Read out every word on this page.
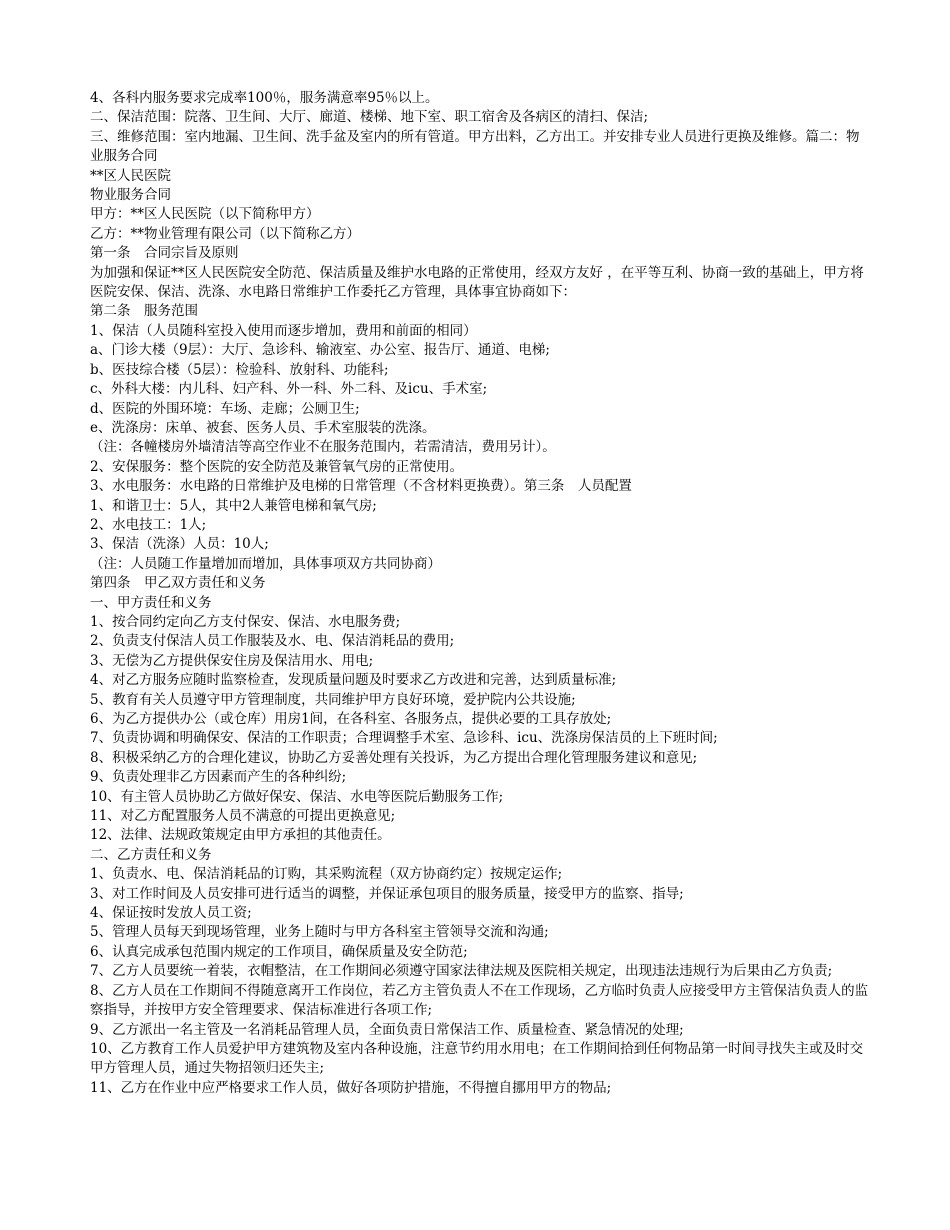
4、各科内服务要求完成率100％，服务满意率95％以上。

二、保洁范围：院落、卫生间、大厅、廊道、楼梯、地下室、职工宿舍及各病区的清扫、保洁;

三、维修范围：室内地漏、卫生间、洗手盆及室内的所有管道。甲方出料，乙方出工。并安排专业人员进行更换及维修。篇二：物业服务合同

**区人民医院

物业服务合同

甲方：**区人民医院（以下简称甲方）

乙方：**物业管理有限公司（以下简称乙方）

第一条　合同宗旨及原则

为加强和保证**区人民医院安全防范、保洁质量及维护水电路的正常使用，经双方友好 ，在平等互利、协商一致的基础上，甲方将医院安保、保洁、洗涤、水电路日常维护工作委托乙方管理，具体事宜协商如下：

第二条　服务范围

1、保洁（人员随科室投入使用而逐步增加，费用和前面的相同）

a、门诊大楼（9层）：大厅、急诊科、输液室、办公室、报告厅、通道、电梯;

b、医技综合楼（5层）：检验科、放射科、功能科;

c、外科大楼：内儿科、妇产科、外一科、外二科、及icu、手术室;

d、医院的外围环境：车场、走廊；公厕卫生;

e、洗涤房：床单、被套、医务人员、手术室服装的洗涤。

（注：各幢楼房外墙清洁等高空作业不在服务范围内，若需清洁，费用另计）。

2、安保服务：整个医院的安全防范及兼管氧气房的正常使用。

3、水电服务：水电路的日常维护及电梯的日常管理（不含材料更换费）。第三条　人员配置

1、和谐卫士：5人，其中2人兼管电梯和氧气房;

2、水电技工：1人;

3、保洁（洗涤）人员：10人;

（注：人员随工作量增加而增加，具体事项双方共同协商）

第四条　甲乙双方责任和义务

一、甲方责任和义务

1、按合同约定向乙方支付保安、保洁、水电服务费;

2、负责支付保洁人员工作服装及水、电、保洁消耗品的费用;

3、无偿为乙方提供保安住房及保洁用水、用电;

4、对乙方服务应随时监察检查，发现质量问题及时要求乙方改进和完善，达到质量标准;

5、教育有关人员遵守甲方管理制度，共同维护甲方良好环境，爱护院内公共设施;

6、为乙方提供办公（或仓库）用房1间，在各科室、各服务点，提供必要的工具存放处;

7、负责协调和明确保安、保洁的工作职责；合理调整手术室、急诊科、icu、洗涤房保洁员的上下班时间;

8、积极采纳乙方的合理化建议，协助乙方妥善处理有关投诉，为乙方提出合理化管理服务建议和意见;

9、负责处理非乙方因素而产生的各种纠纷;

10、有主管人员协助乙方做好保安、保洁、水电等医院后勤服务工作;

11、对乙方配置服务人员不满意的可提出更换意见;

12、法律、法规政策规定由甲方承担的其他责任。

二、乙方责任和义务

1、负责水、电、保洁消耗品的订购，其采购流程（双方协商约定）按规定运作;

3、对工作时间及人员安排可进行适当的调整，并保证承包项目的服务质量，接受甲方的监察、指导;

4、保证按时发放人员工资;

5、管理人员每天到现场管理，业务上随时与甲方各科室主管领导交流和沟通;

6、认真完成承包范围内规定的工作项目，确保质量及安全防范;

7、乙方人员要统一着装，衣帽整洁，在工作期间必须遵守国家法律法规及医院相关规定，出现违法违规行为后果由乙方负责;

8、乙方人员在工作期间不得随意离开工作岗位，若乙方主管负责人不在工作现场，乙方临时负责人应接受甲方主管保洁负责人的监察指导，并按甲方安全管理要求、保洁标准进行各项工作;

9、乙方派出一名主管及一名消耗品管理人员，全面负责日常保洁工作、质量检查、紧急情况的处理;

10、乙方教育工作人员爱护甲方建筑物及室内各种设施，注意节约用水用电；在工作期间拾到任何物品第一时间寻找失主或及时交甲方管理人员，通过失物招领归还失主;

11、乙方在作业中应严格要求工作人员，做好各项防护措施，不得擅自挪用甲方的物品;
